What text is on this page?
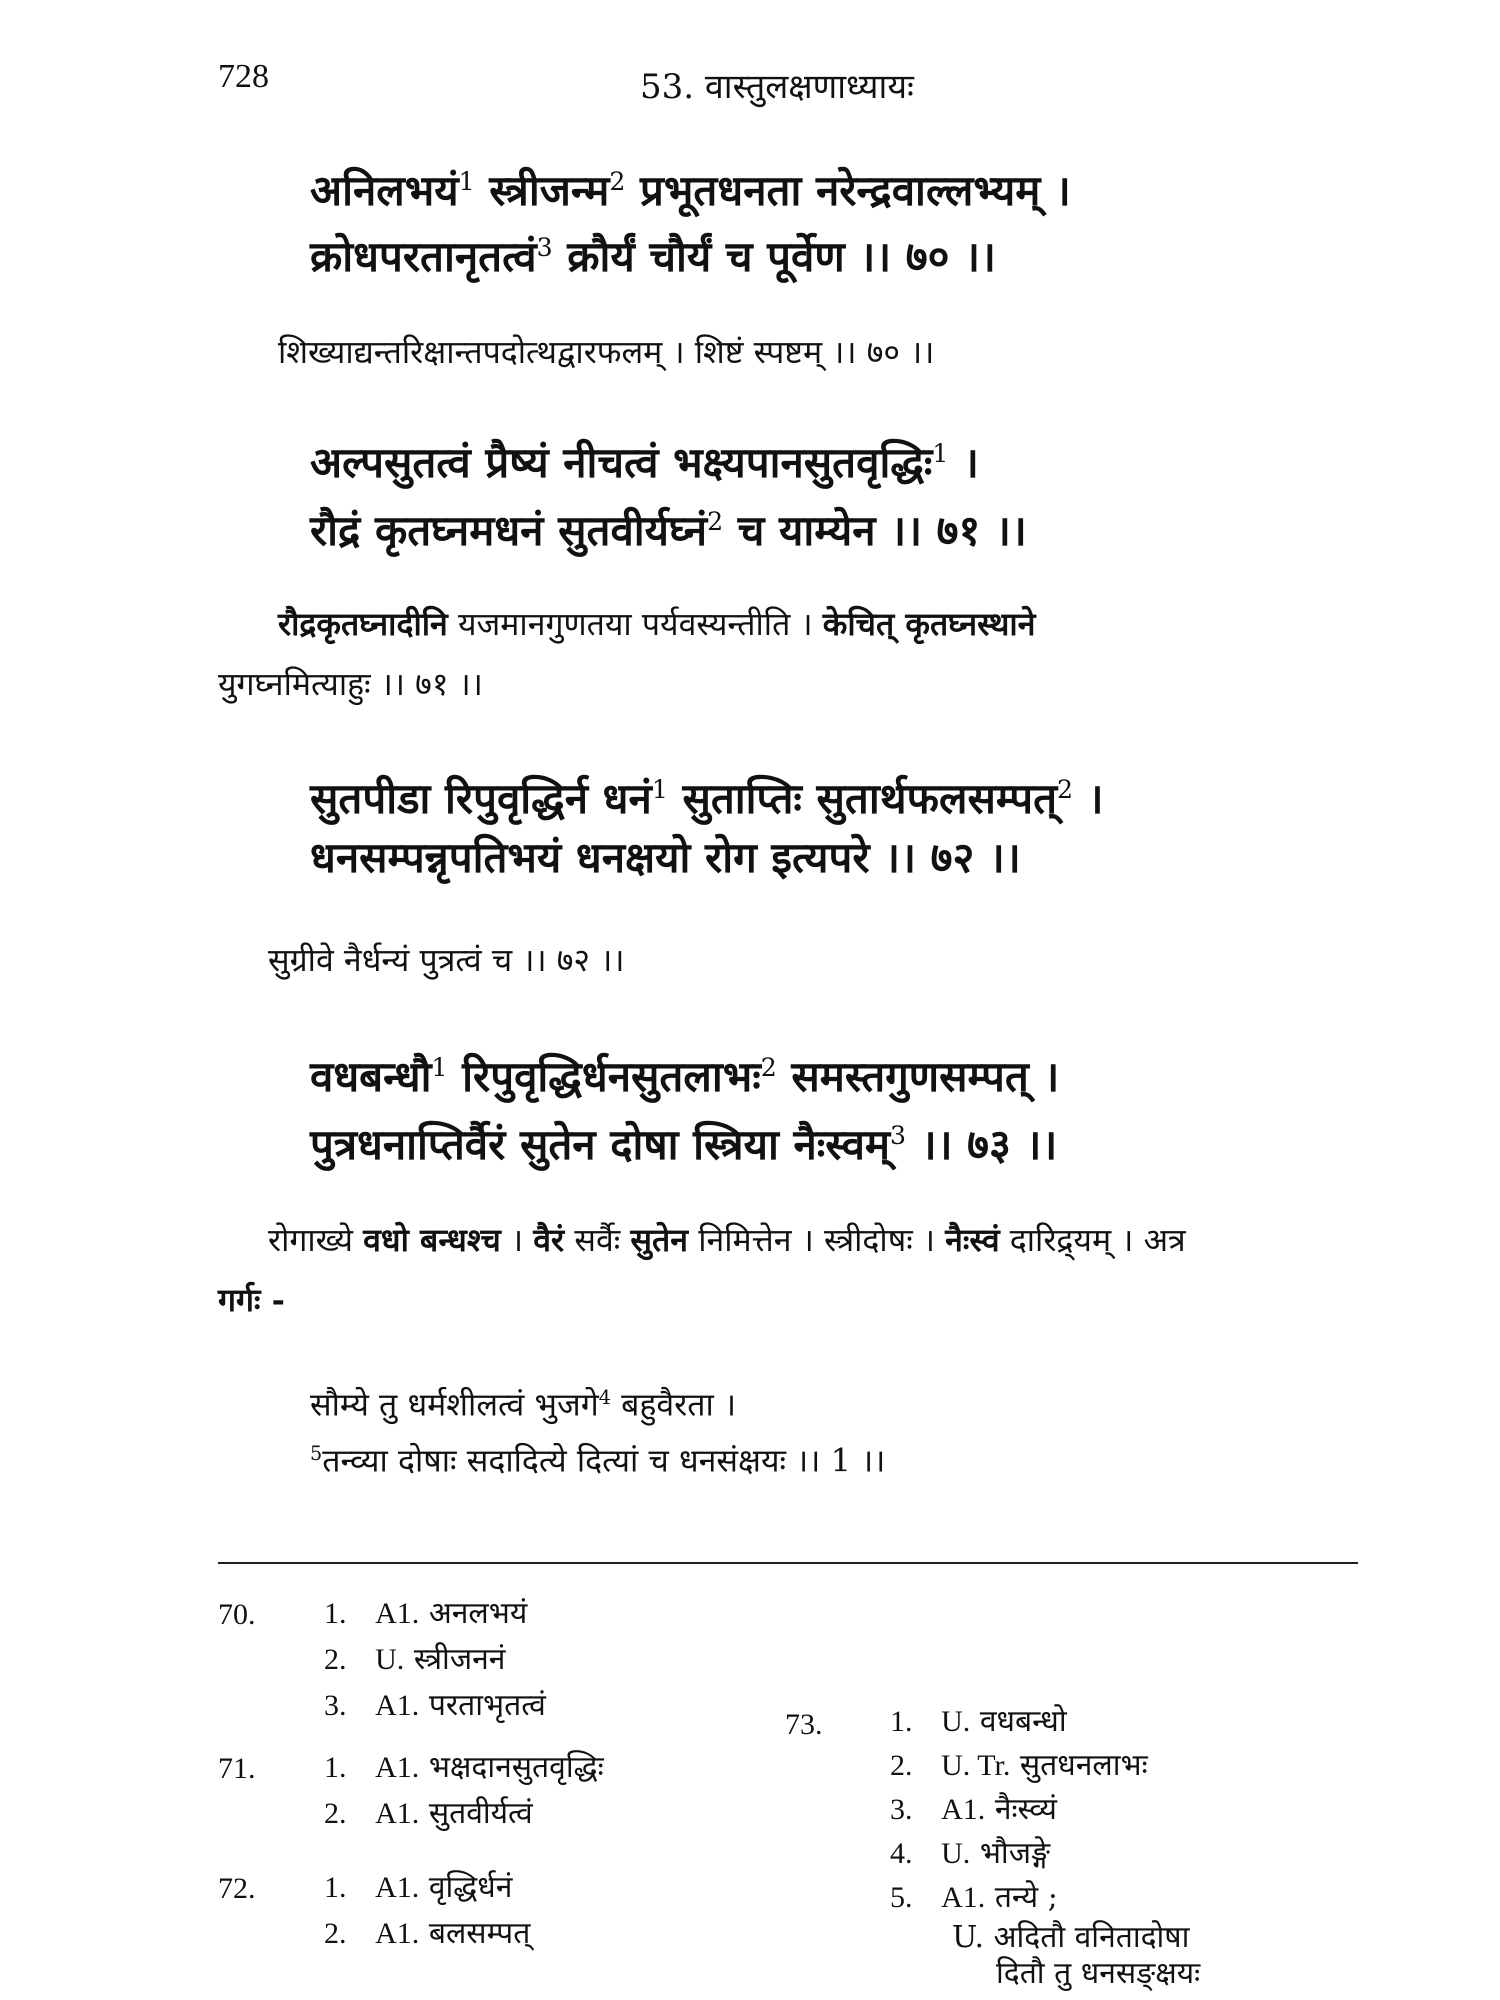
728	53. वास्तुलक्षणाध्यायः
अनिलभयं$^1$ स्त्रीजन्म$^2$ प्रभूतधनता नरेन्द्रवाल्लभ्यम् ।
क्रोधपरतानृतत्वं$^3$ क्रौर्यं चौर्यं च पूर्वेण ।। ७० ।।
शिख्याद्यन्तरिक्षान्तपदोत्थद्वारफलम् । शिष्टं स्पष्टम् ।। ७० ।।
अल्पसुतत्वं प्रैष्यं नीचत्वं भक्ष्यपानसुतवृद्धिः$^1$ ।
रौद्रं कृतघ्नमधनं सुतवीर्यघ्नं$^2$ च याम्येन ।। ७१ ।।
रौद्रकृतघ्नादीनि यजमानगुणतया पर्यवस्यन्तीति । केचित् कृतघ्नस्थाने
युगघ्नमित्याहुः ।। ७१ ।।
सुतपीडा रिपुवृद्धिर्न धनं$^1$ सुताप्तिः सुतार्थफलसम्पत्$^2$ ।
धनसम्पन्नृपतिभयं धनक्षयो रोग इत्यपरे ।। ७२ ।।
सुग्रीवे नैर्धन्यं पुत्रत्वं च ।। ७२ ।।
वधबन्धौ$^1$ रिपुवृद्धिर्धनसुतलाभः$^2$ समस्तगुणसम्पत् ।
पुत्रधनाप्तिर्वैरं सुतेन दोषा स्त्रिया नैःस्वम्$^3$ ।। ७३ ।।
रोगाख्ये वधो बन्धश्च । वैरं सर्वैः सुतेन निमित्तेन । स्त्रीदोषः । नैःस्वं दारिद्र्यम् । अत्र
गर्गः -
सौम्ये तु धर्मशीलत्वं भुजगे$^4$ बहुवैरता ।
$^5$तन्व्या दोषाः सदादित्ये दित्यां च धनसंक्षयः ।। 1 ।।
70. 1. A1. अनलभयं
2. U. स्त्रीजननं
3. A1. परताभृतत्वं
71. 1. A1. भक्षदानसुतवृद्धिः
2. A1. सुतवीर्यत्वं
72. 1. A1. वृद्धिर्धनं
2. A1. बलसम्पत्
73. 1. U. वधबन्धो
2. U. Tr. सुतधनलाभः
3. A1. नैःस्व्यं
4. U. भौजङ्गे
5. A1. तन्ये ;
U. अदितौ वनितादोषा
दितौ तु धनसङ्क्षयः
